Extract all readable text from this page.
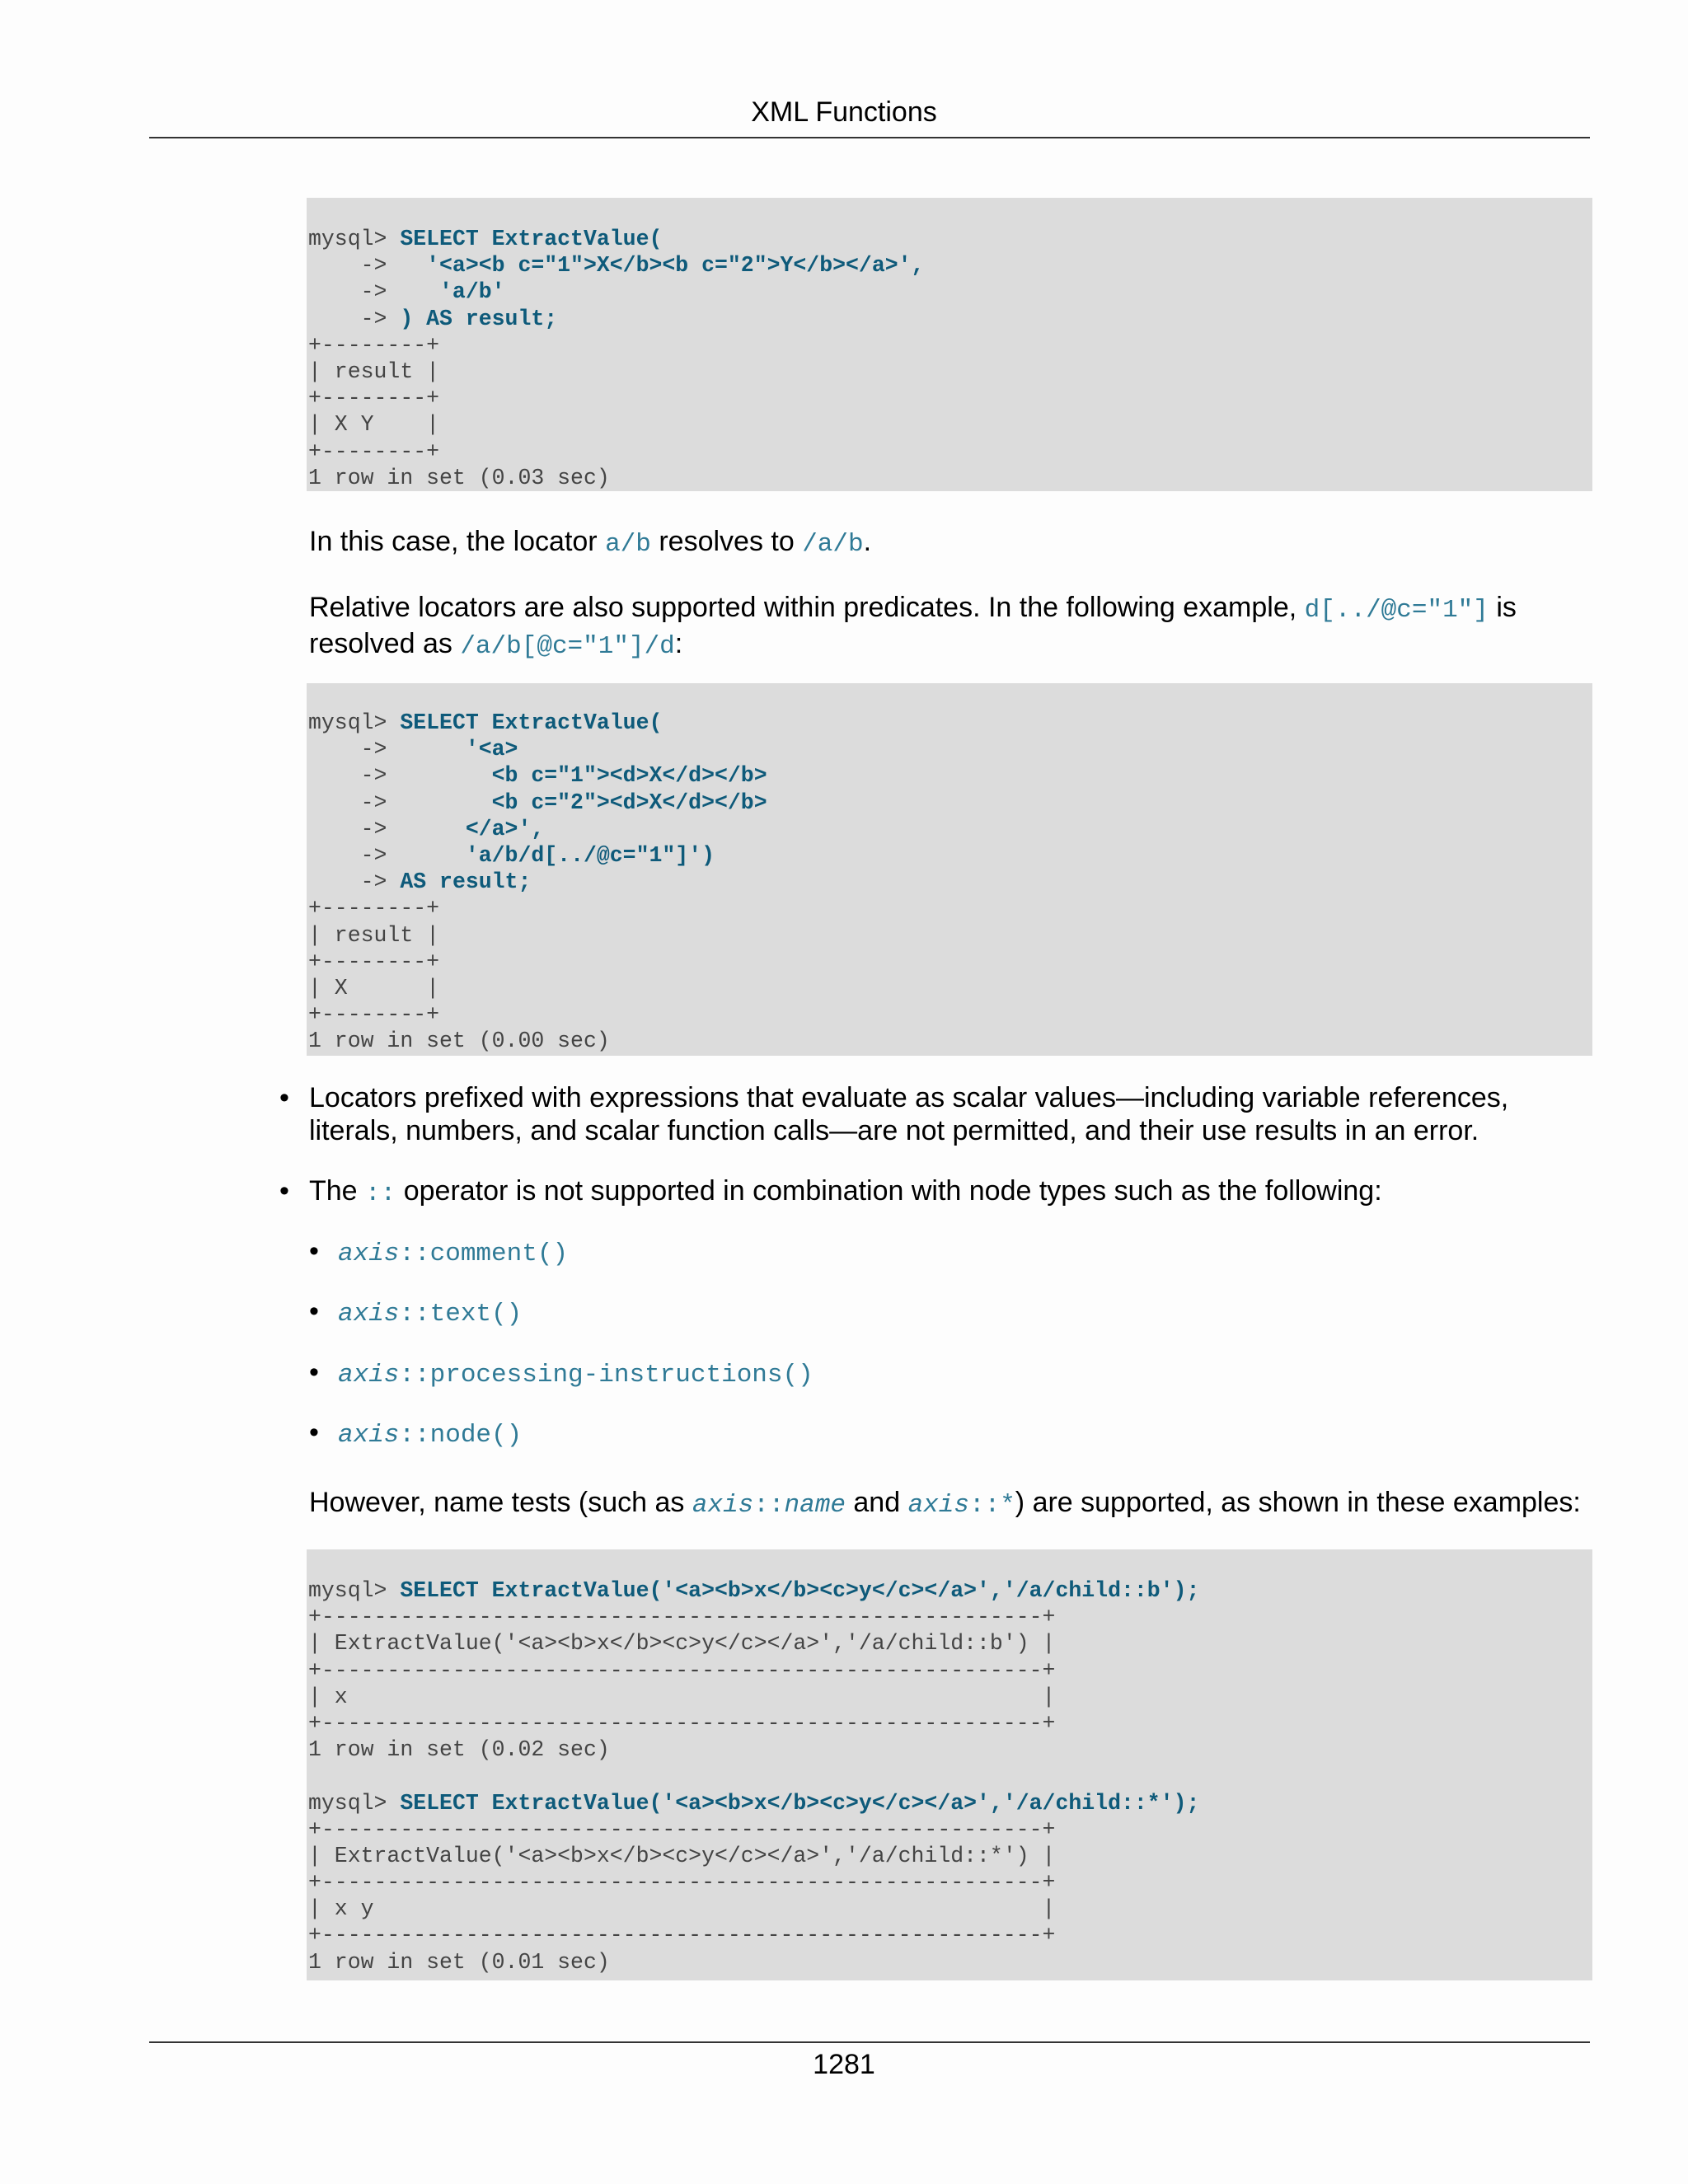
XML Functions
mysql> SELECT ExtractValue(
->   '<a><b c="1">X</b><b c="2">Y</b></a>',
->    'a/b'
-> ) AS result;
+--------+
| result |
+--------+
| X Y    |
+--------+
1 row in set (0.03 sec)
In this case, the locator a/b resolves to /a/b.
Relative locators are also supported within predicates. In the following example, d[../@c="1"] is resolved as /a/b[@c="1"]/d:
mysql> SELECT ExtractValue(
->      '<a>
->        <b c="1"><d>X</d></b>
->        <b c="2"><d>X</d></b>
->      </a>',
->      'a/b/d[../@c="1"]')
-> AS result;
+--------+
| result |
+--------+
| X      |
+--------+
1 row in set (0.00 sec)
• Locators prefixed with expressions that evaluate as scalar values—including variable references, literals, numbers, and scalar function calls—are not permitted, and their use results in an error.
• The :: operator is not supported in combination with node types such as the following:
• axis::comment()
• axis::text()
• axis::processing-instructions()
• axis::node()
However, name tests (such as axis::name and axis::*) are supported, as shown in these examples:
mysql> SELECT ExtractValue('<a><b>x</b><c>y</c></a>','/a/child::b');
+-------------------------------------------------------+
| ExtractValue('<a><b>x</b><c>y</c></a>','/a/child::b') |
+-------------------------------------------------------+
| x                                                     |
+-------------------------------------------------------+
1 row in set (0.02 sec)
mysql> SELECT ExtractValue('<a><b>x</b><c>y</c></a>','/a/child::*');
+-------------------------------------------------------+
| ExtractValue('<a><b>x</b><c>y</c></a>','/a/child::*') |
+-------------------------------------------------------+
| x y                                                   |
+-------------------------------------------------------+
1 row in set (0.01 sec)
1281
